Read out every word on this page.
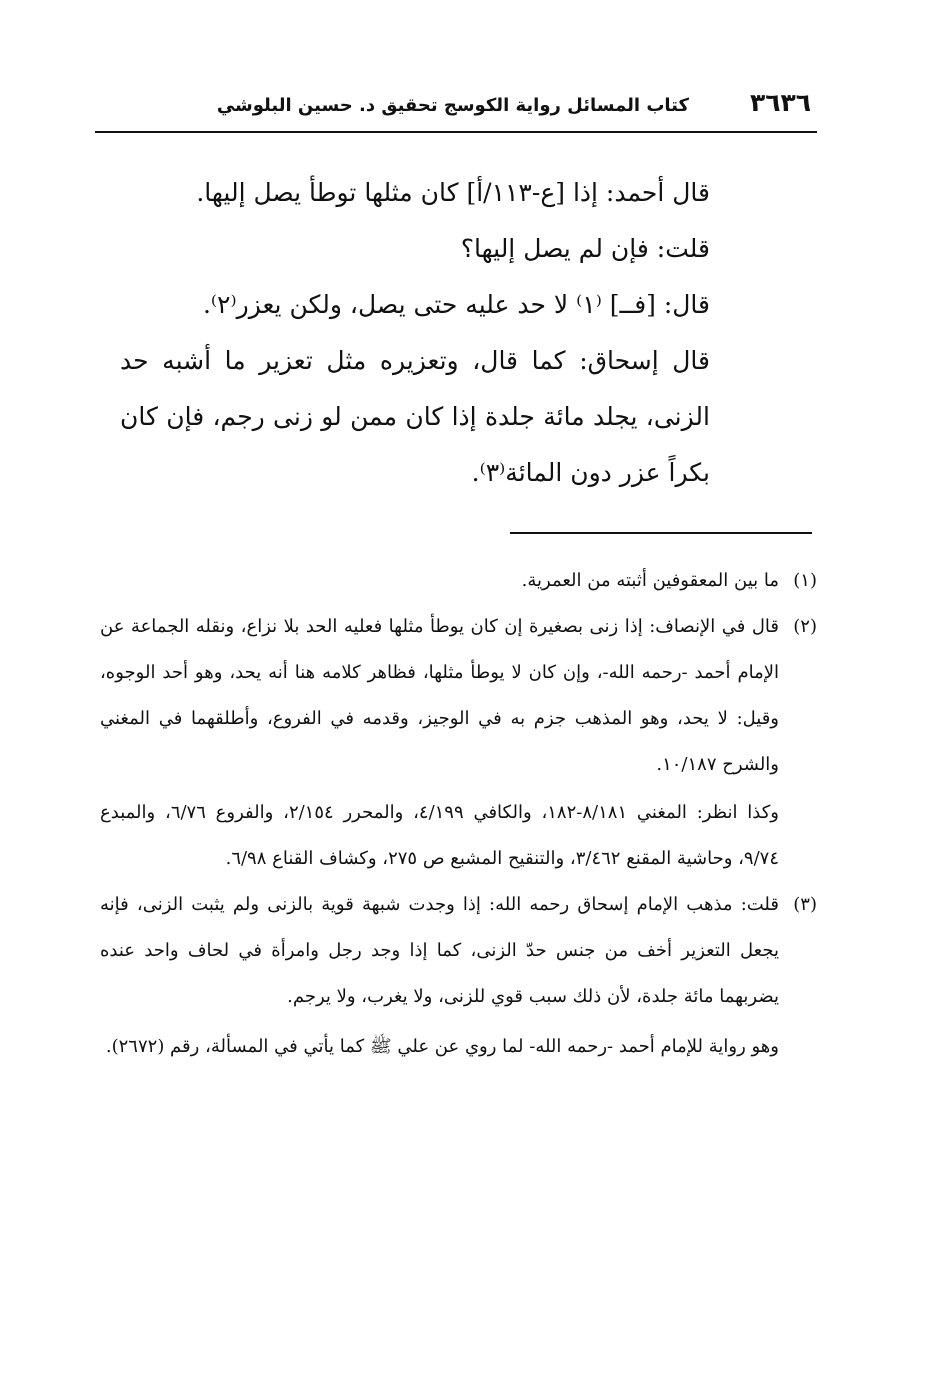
٣٦٣٦
كتاب المسائل رواية الكوسج تحقيق د. حسين البلوشي

قال أحمد: إذا [ع-١١٣/أ] كان مثلها توطأ يصل إليها.

قلت: فإن لم يصل إليها؟

قال: [فــ] ⁽١⁾ لا حد عليه حتى يصل، ولكن يعزر⁽٢⁾.

قال إسحاق: كما قال، وتعزيره مثل تعزير ما أشبه حد الزنى، يجلد مائة جلدة إذا كان ممن لو زنى رجم، فإن كان بكراً عزر دون المائة⁽٣⁾.

(١)

ما بين المعقوفين أثبته من العمرية.

(٢)

قال في الإنصاف: إذا زنى بصغيرة إن كان يوطأ مثلها فعليه الحد بلا نزاع، ونقله الجماعة عن الإمام أحمد -رحمه الله-، وإن كان لا يوطأ مثلها، فظاهر كلامه هنا أنه يحد، وهو أحد الوجوه، وقيل: لا يحد، وهو المذهب جزم به في الوجيز، وقدمه في الفروع، وأطلقهما في المغني والشرح ١٠/١٨٧.

وكذا انظر: المغني ٨/١٨١-١٨٢، والكافي ٤/١٩٩، والمحرر ٢/١٥٤، والفروع ٦/٧٦، والمبدع ٩/٧٤، وحاشية المقنع ٣/٤٦٢، والتنقيح المشبع ص ٢٧٥، وكشاف القناع ٦/٩٨.

(٣)

قلت: مذهب الإمام إسحاق رحمه الله: إذا وجدت شبهة قوية بالزنى ولم يثبت الزنى، فإنه يجعل التعزير أخف من جنس حدّ الزنى، كما إذا وجد رجل وامرأة في لحاف واحد عنده يضربهما مائة جلدة، لأن ذلك سبب قوي للزنى، ولا يغرب، ولا يرجم.

وهو رواية للإمام أحمد -رحمه الله- لما روي عن علي ﷺ كما يأتي في المسألة، رقم (٢٦٧٢).
